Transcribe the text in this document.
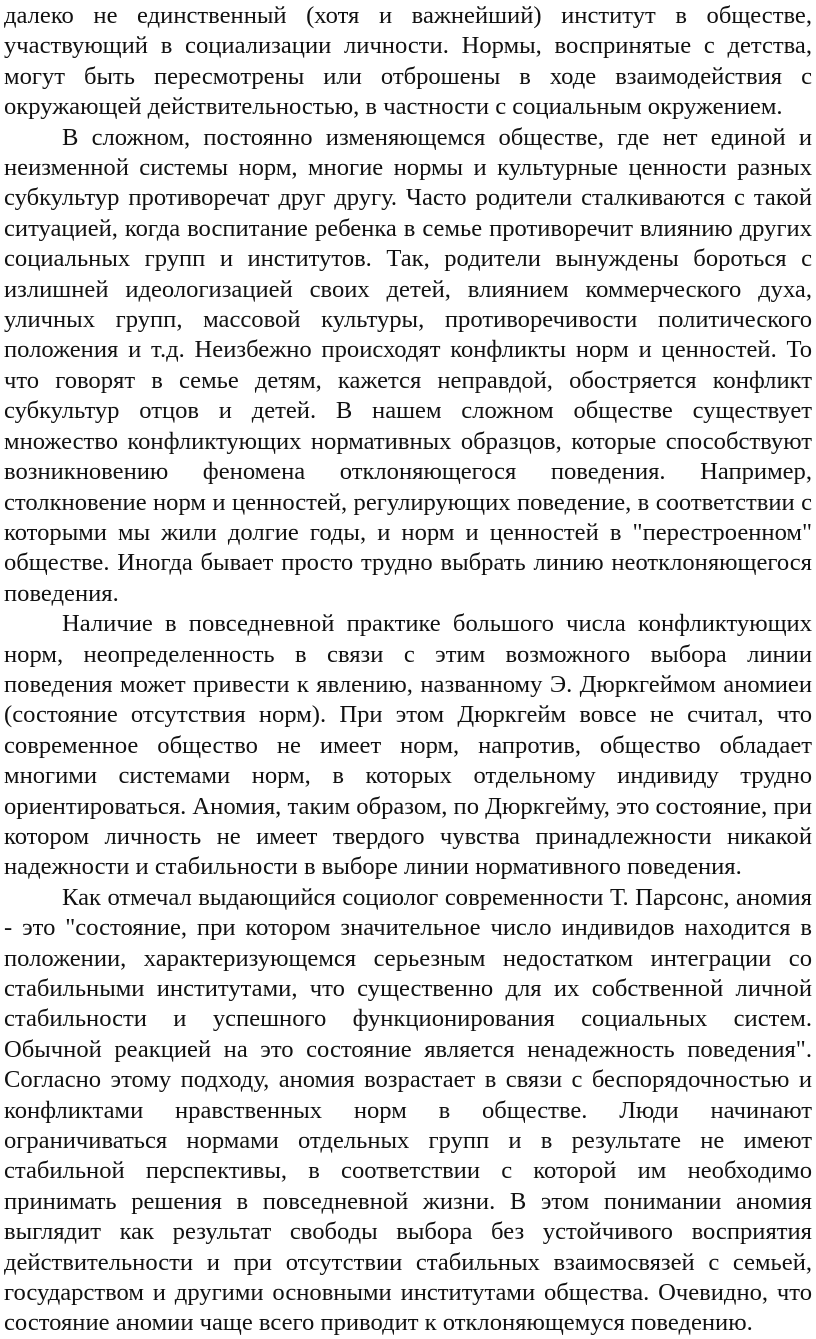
далеко не единственный (хотя и важнейший) институт в обществе, участвующий в социализации личности. Нормы, воспринятые с детства, могут быть пересмотрены или отброшены в ходе взаимодействия с окружающей действительностью, в частности с социальным окружением.

В сложном, постоянно изменяющемся обществе, где нет единой и неизменной системы норм, многие нормы и культурные ценности разных субкультур противоречат друг другу. Часто родители сталкиваются с такой ситуацией, когда воспитание ребенка в семье противоречит влиянию других социальных групп и институтов. Так, родители вынуждены бороться с излишней идеологизацией своих детей, влиянием коммерческого духа, уличных групп, массовой культуры, противоречивости политического положения и т.д. Неизбежно происходят конфликты норм и ценностей. То что говорят в семье детям, кажется неправдой, обостряется конфликт субкультур отцов и детей. В нашем сложном обществе существует множество конфликтующих нормативных образцов, которые способствуют возникновению феномена отклоняющегося поведения. Например, столкновение норм и ценностей, регулирующих поведение, в соответствии с которыми мы жили долгие годы, и норм и ценностей в "перестроенном" обществе. Иногда бывает просто трудно выбрать линию неотклоняющегося поведения.

Наличие в повседневной практике большого числа конфликтующих норм, неопределенность в связи с этим возможного выбора линии поведения может привести к явлению, названному Э. Дюркгеймом аномиеи (состояние отсутствия норм). При этом Дюркгейм вовсе не считал, что современное общество не имеет норм, напротив, общество обладает многими системами норм, в которых отдельному индивиду трудно ориентироваться. Аномия, таким образом, по Дюркгейму, это состояние, при котором личность не имеет твердого чувства принадлежности никакой надежности и стабильности в выборе линии нормативного поведения.

Как отмечал выдающийся социолог современности Т. Парсонс, аномия - это "состояние, при котором значительное число индивидов находится в положении, характеризующемся серьезным недостатком интеграции со стабильными институтами, что существенно для их собственной личной стабильности и успешного функционирования социальных систем. Обычной реакцией на это состояние является ненадежность поведения". Согласно этому подходу, аномия возрастает в связи с беспорядочностью и конфликтами нравственных норм в обществе. Люди начинают ограничиваться нормами отдельных групп и в результате не имеют стабильной перспективы, в соответствии с которой им необходимо принимать решения в повседневной жизни. В этом понимании аномия выглядит как результат свободы выбора без устойчивого восприятия действительности и при отсутствии стабильных взаимосвязей с семьей, государством и другими основными институтами общества. Очевидно, что состояние аномии чаще всего приводит к отклоняющемуся поведению.
